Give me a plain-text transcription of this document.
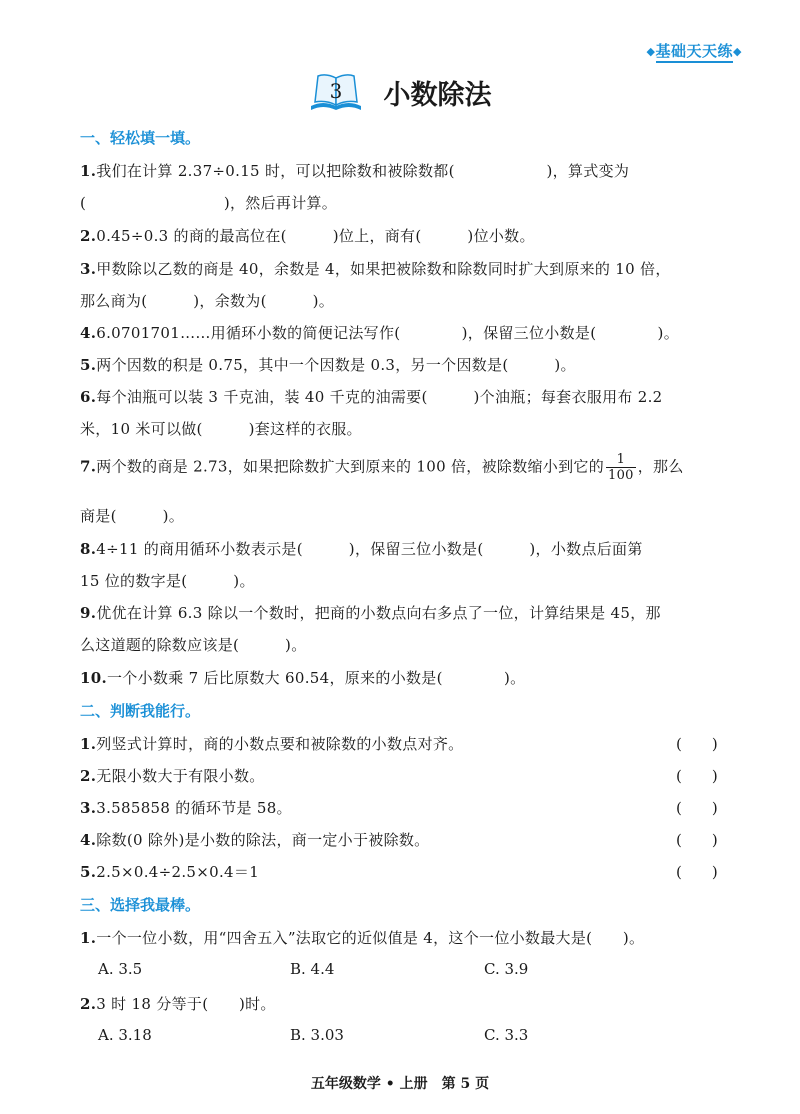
◆基础天天练◆
3 小数除法
一、轻松填一填。
1.我们在计算 2.37÷0.15 时，可以把除数和被除数都(　　　　　　)，算式变为
(　　　　　　　　　)，然后再计算。
2.0.45÷0.3 的商的最高位在(　　　)位上，商有(　　　)位小数。
3.甲数除以乙数的商是 40，余数是 4，如果把被除数和除数同时扩大到原来的 10 倍，
那么商为(　　　)，余数为(　　　)。
4.6.0701701……用循环小数的简便记法写作(　　　　)，保留三位小数是(　　　　)。
5.两个因数的积是 0.75，其中一个因数是 0.3，另一个因数是(　　　)。
6.每个油瓶可以装 3 千克油，装 40 千克的油需要(　　　)个油瓶；每套衣服用布 2.2
米，10 米可以做(　　　)套这样的衣服。
7.两个数的商是 2.73，如果把除数扩大到原来的 100 倍，被除数缩小到它的 $\frac{1}{100}$ ，那么
商是(　　　)。
8.4÷11 的商用循环小数表示是(　　　)，保留三位小数是(　　　)，小数点后面第
15 位的数字是(　　　)。
9.优优在计算 6.3 除以一个数时，把商的小数点向右多点了一位，计算结果是 45，那
么这道题的除数应该是(　　　)。
10.一个小数乘 7 后比原数大 60.54，原来的小数是(　　　　)。
二、判断我能行。
1.列竖式计算时，商的小数点要和被除数的小数点对齐。	(　　)
2.无限小数大于有限小数。	(　　)
3.3.585858 的循环节是 58。	(　　)
4.除数(0 除外)是小数的除法，商一定小于被除数。	(　　)
5.2.5×0.4÷2.5×0.4＝1	(　　)
三、选择我最棒。
1.一个一位小数，用“四舍五入”法取它的近似值是 4，这个一位小数最大是(　　)。
A. 3.5	B. 4.4	C. 3.9
2.3 时 18 分等于(　　)时。
A. 3.18	B. 3.03	C. 3.3
五年级数学 • 上册　第 5 页
